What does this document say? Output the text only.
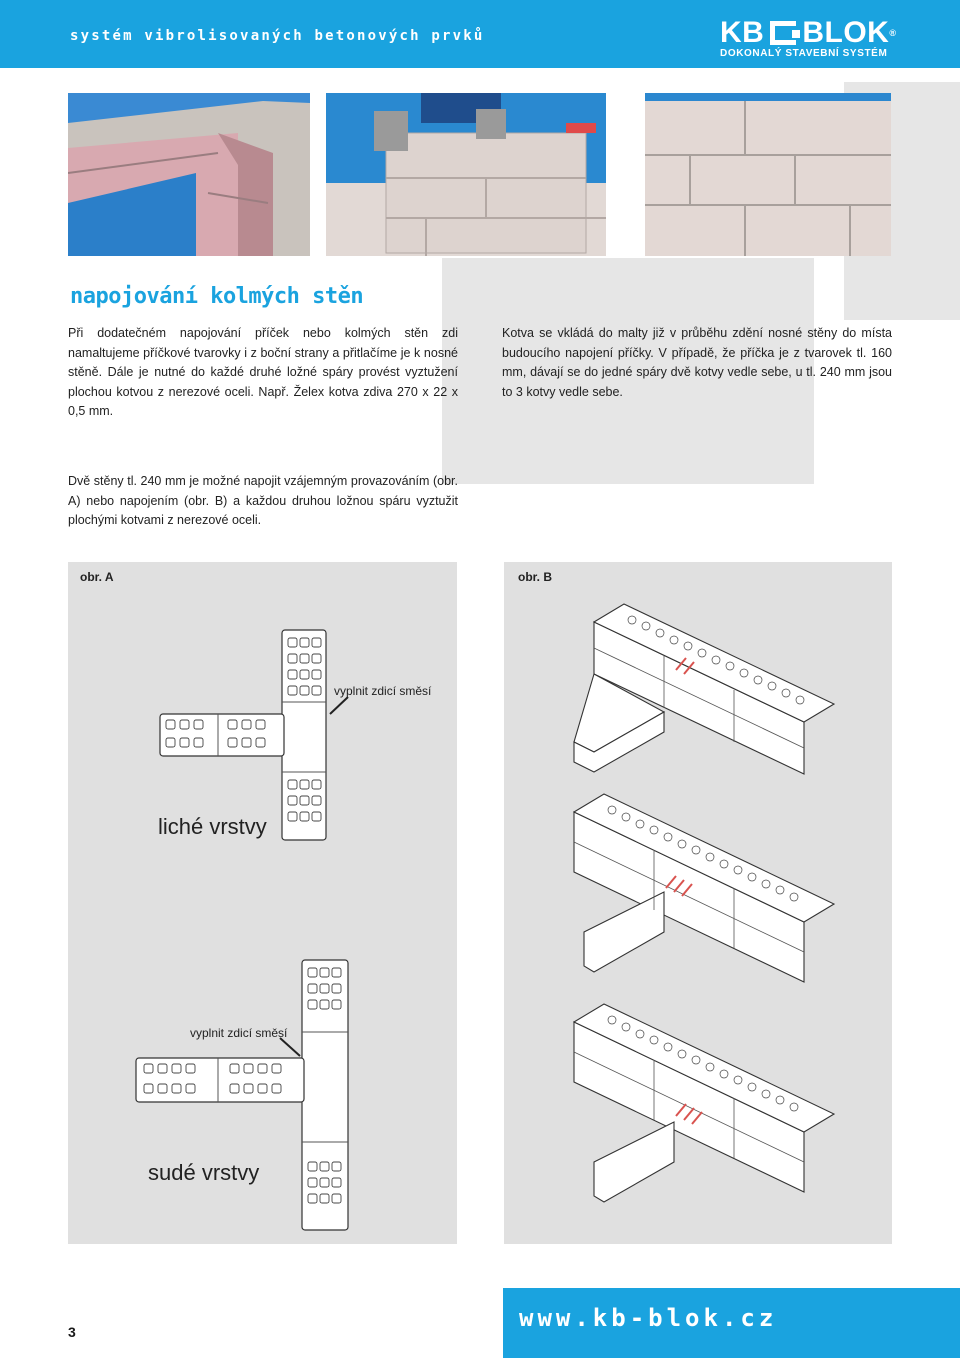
systém vibrolisovaných betonových prvků	KB BLOK ®
DOKONALÝ STAVEBNÍ SYSTÉM
napojování kolmých stěn

Při dodatečném napojování příček nebo kolmých stěn zdi namaltujeme příčkové tvarovky i z boční strany a přitlačíme je k nosné stěně. Dále je nutné do každé druhé ložné spáry provést vyztužení plochou kotvou z nerezové oceli. Např. Želex kotva zdiva 270 x 22 x 0,5 mm.

Kotva se vkládá do malty již v průběhu zdění nosné stěny do místa budoucího napojení příčky. V případě, že příčka je z tvarovek tl. 160 mm, dávají se do jedné spáry dvě kotvy vedle sebe, u tl. 240 mm jsou to 3 kotvy vedle sebe.

Dvě stěny tl. 240 mm je možné napojit vzájemným provazováním (obr. A) nebo napojením (obr. B) a každou druhou ložnou spáru vyztužit plochými kotvami z nerezové oceli.

obr. A
vyplnit zdicí směsí
liché vrstvy
vyplnit zdicí směsí
sudé vrstvy
obr. B
3	www.kb-blok.cz
